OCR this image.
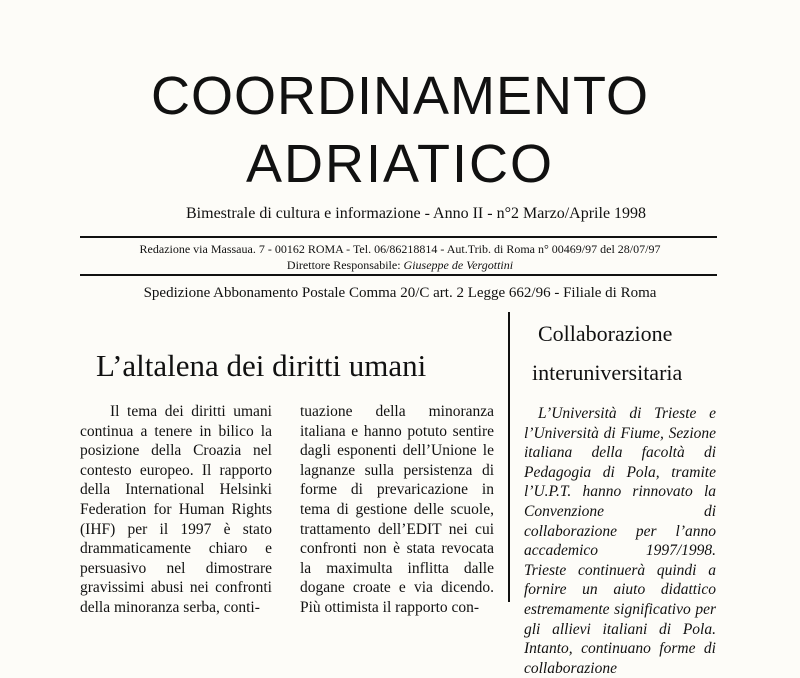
COORDINAMENTO
ADRIATICO
Bimestrale di cultura e informazione - Anno II - n°2 Marzo/Aprile 1998
Redazione via Massaua. 7 - 00162 ROMA - Tel. 06/86218814 - Aut.Trib. di Roma n° 00469/97 del 28/07/97
Direttore Responsabile: Giuseppe de Vergottini
Spedizione Abbonamento Postale Comma 20/C art. 2 Legge 662/96 - Filiale di Roma
L’altalena dei diritti umani

Il tema dei diritti umani continua a tenere in bilico la posizione della Croazia nel contesto europeo. Il rapporto della International Helsinki Federation for Human Rights (IHF) per il 1997 è stato drammaticamente chiaro e persuasivo nel dimostrare gravissimi abusi nei confronti della minoranza serba, conti-

tuazione della minoranza italiana e hanno potuto sentire dagli esponenti dell’Unione le lagnanze sulla persistenza di forme di prevaricazione in tema di gestione delle scuole, trattamento dell’EDIT nei cui confronti non è stata revocata la maximulta inflitta dalle dogane croate e via dicendo. Più ottimista il rapporto con-

Collaborazione
interuniversitaria

L’Università di Trieste e l’Università di Fiume, Sezione italiana della facoltà di Pedagogia di Pola, tramite l’U.P.T. hanno rinnovato la Convenzione di collaborazione per l’anno accademico 1997/1998. Trieste continuerà quindi a fornire un aiuto didattico estremamente significativo per gli allievi italiani di Pola. Intanto, continuano forme di collaborazione
